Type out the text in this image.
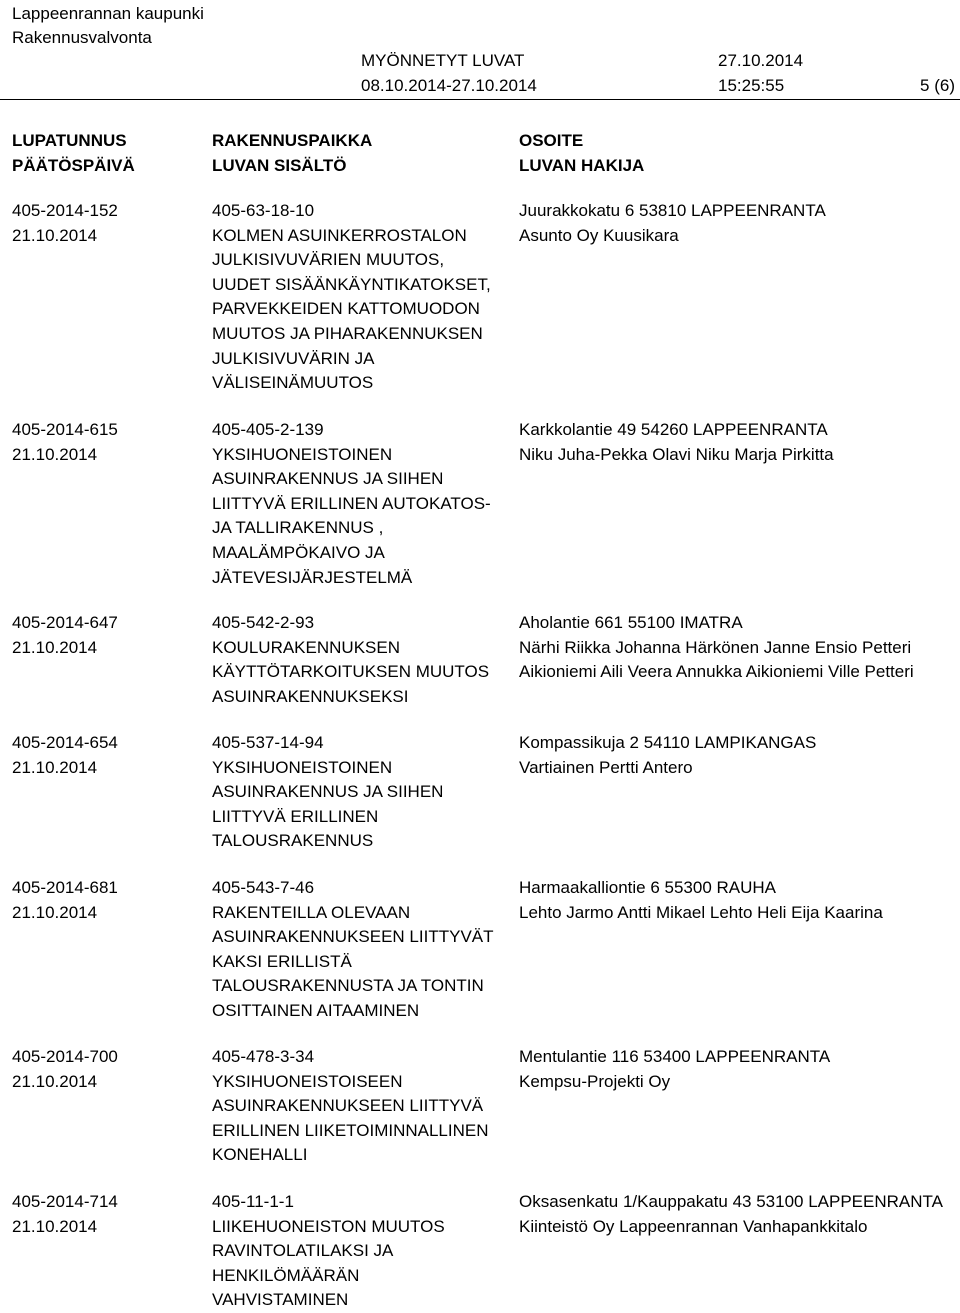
Lappeenrannan kaupunki
Rakennusvalvonta
MYÖNNETYT LUVAT
08.10.2014-27.10.2014
27.10.2014
15:25:55	5 (6)
LUPATUNNUS
PÄÄTÖSPÄIVÄ
RAKENNUSPAIKKA
LUVAN SISÄLTÖ
OSOITE
LUVAN HAKIJA
405-2014-152
21.10.2014
405-63-18-10
KOLMEN ASUINKERROSTALON
JULKISIVUVÄRIEN MUUTOS,
UUDET SISÄÄNKÄYNTIKATOKSET,
PARVEKKEIDEN KATTOMUODON
MUUTOS JA PIHARAKENNUKSEN
JULKISIVUVÄRIN JA
VÄLISEINÄMUUTOS
Juurakkokatu 6 53810 LAPPEENRANTA
Asunto Oy Kuusikara
405-2014-615
21.10.2014
405-405-2-139
YKSIHUONEISTOINEN
ASUINRAKENNUS JA SIIHEN
LIITTYVÄ ERILLINEN AUTOKATOS-
JA TALLIRAKENNUS ,
MAALÄMPÖKAIVO JA
JÄTEVESIJÄRJESTELMÄ
Karkkolantie 49 54260 LAPPEENRANTA
Niku Juha-Pekka Olavi Niku Marja Pirkitta
405-2014-647
21.10.2014
405-542-2-93
KOULURAKENNUKSEN
KÄYTTÖTARKOITUKSEN MUUTOS
ASUINRAKENNUKSEKSI
Aholantie 661 55100 IMATRA
Närhi Riikka Johanna Härkönen Janne Ensio Petteri
Aikioniemi Aili Veera Annukka Aikioniemi Ville Petteri
405-2014-654
21.10.2014
405-537-14-94
YKSIHUONEISTOINEN
ASUINRAKENNUS JA SIIHEN
LIITTYVÄ ERILLINEN
TALOUSRAKENNUS
Kompassikuja 2 54110 LAMPIKANGAS
Vartiainen Pertti Antero
405-2014-681
21.10.2014
405-543-7-46
RAKENTEILLA OLEVAAN
ASUINRAKENNUKSEEN LIITTYVÄT
KAKSI ERILLISTÄ
TALOUSRAKENNUSTA JA TONTIN
OSITTAINEN AITAAMINEN
Harmaakalliontie 6 55300 RAUHA
Lehto Jarmo Antti Mikael Lehto Heli Eija Kaarina
405-2014-700
21.10.2014
405-478-3-34
YKSIHUONEISTOISEEN
ASUINRAKENNUKSEEN LIITTYVÄ
ERILLINEN LIIKETOIMINNALLINEN
KONEHALLI
Mentulantie 116 53400 LAPPEENRANTA
Kempsu-Projekti Oy
405-2014-714
21.10.2014
405-11-1-1
LIIKEHUONEISTON MUUTOS
RAVINTOLATILAKSI JA
HENKILÖMÄÄRÄN
VAHVISTAMINEN
Oksasenkatu 1/Kauppakatu 43 53100 LAPPEENRANTA
Kiinteistö Oy Lappeenrannan Vanhapankkitalo
